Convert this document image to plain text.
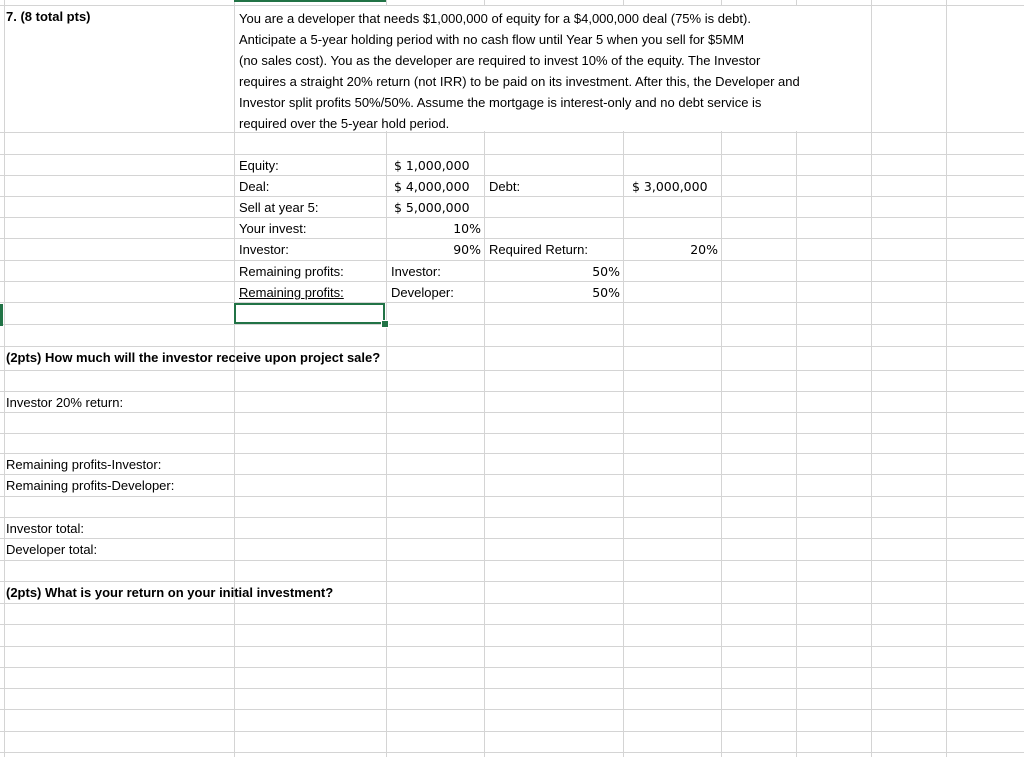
7. (8 total pts)	You are a developer that needs $1,000,000 of equity for a $4,000,000 deal (75% is debt).
Anticipate a 5-year holding period with no cash flow until Year 5 when you sell for $5MM
(no sales cost). You as the developer are required to invest 10% of the equity. The Investor
requires a straight 20% return (not IRR) to be paid on its investment. After this, the Developer and
Investor split profits 50%/50%. Assume the mortgage is interest-only and no debt service is
required over the 5-year hold period.
Equity:	$ 1,000,000
Deal:	$ 4,000,000 Debt:	$ 3,000,000
Sell at year 5:	$ 5,000,000
Your invest:	10%
Investor:	90% Required Return:	20%
Remaining profits:	Investor:	50%
Remaining profits:	Developer:	50%
(2pts) How much will the investor receive upon project sale?
Investor 20% return:
Remaining profits-Investor:
Remaining profits-Developer:
Investor total:
Developer total:
(2pts) What is your return on your initial investment?
